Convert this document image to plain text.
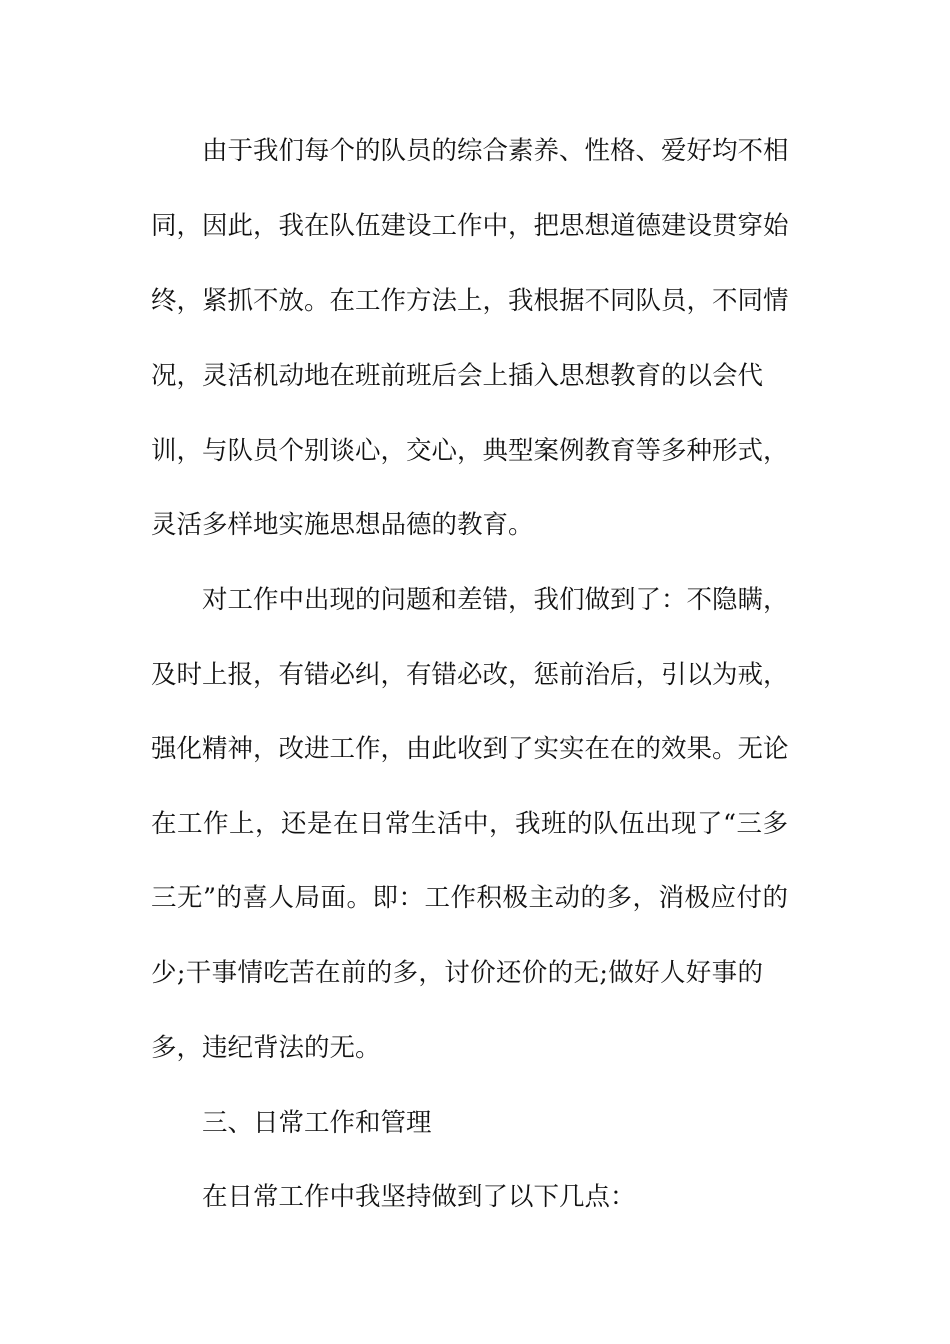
由于我们每个的队员的综合素养、性格、爱好均不相
同，因此，我在队伍建设工作中，把思想道德建设贯穿始
终，紧抓不放。在工作方法上，我根据不同队员，不同情
况，灵活机动地在班前班后会上插入思想教育的以会代
训，与队员个别谈心，交心，典型案例教育等多种形式，
灵活多样地实施思想品德的教育。
对工作中出现的问题和差错，我们做到了：不隐瞒，
及时上报，有错必纠，有错必改，惩前治后，引以为戒，
强化精神，改进工作，由此收到了实实在在的效果。无论
在工作上，还是在日常生活中，我班的队伍出现了“三多
三无”的喜人局面。即：工作积极主动的多，消极应付的
少;干事情吃苦在前的多，讨价还价的无;做好人好事的
多，违纪背法的无。
三、日常工作和管理
在日常工作中我坚持做到了以下几点：
